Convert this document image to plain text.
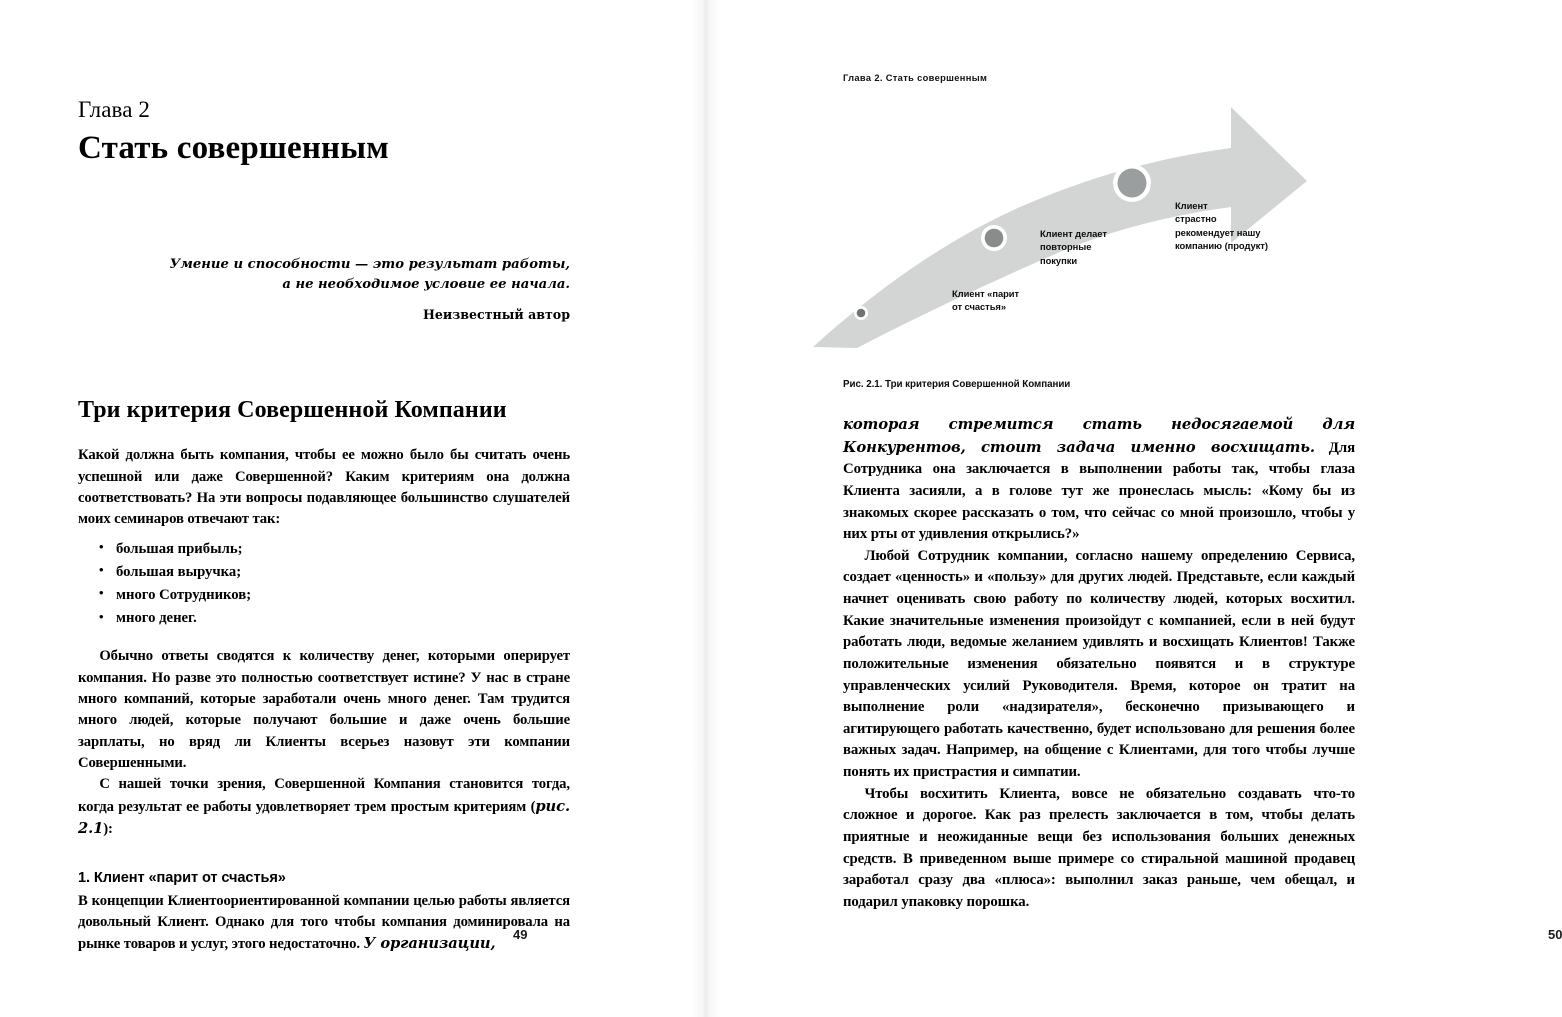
Глава 2
Стать совершенным
Умение и способности — это результат работы,
а не необходимое условие ее начала.
Неизвестный автор
Три критерия Совершенной Компании

Какой должна быть компания, чтобы ее можно было бы считать очень успешной или даже Совершенной? Каким критериям она должна соответствовать? На эти вопросы подавляющее большинство слушателей моих семинаров отвечают так:

• большая прибыль;
• большая выручка;
• много Сотрудников;
• много денег.

Обычно ответы сводятся к количеству денег, которыми оперирует компания. Но разве это полностью соответствует истине? У нас в стране много компаний, которые заработали очень много денег. Там трудится много людей, которые получают большие и даже очень большие зарплаты, но вряд ли Клиенты всерьез назовут эти компании Совершенными.

С нашей точки зрения, Совершенной Компания становится тогда, когда результат ее работы удовлетворяет трем простым критериям (рис. 2.1):

1. Клиент «парит от счастья»

В концепции Клиентоориентированной компании целью работы является довольный Клиент. Однако для того чтобы компания доминировала на рынке товаров и услуг, этого недостаточно. У организации,

49
Глава 2. Стать совершенным
Клиент «парит
от счастья»
Клиент делает
повторные
покупки
Клиент
страстно
рекомендует нашу
компанию (продукт)
Рис. 2.1. Три критерия Совершенной Компании

которая стремится стать недосягаемой для Конкурентов, стоит задача именно восхищать. Для Сотрудника она заключается в выполнении работы так, чтобы глаза Клиента засияли, а в голове тут же пронеслась мысль: «Кому бы из знакомых скорее рассказать о том, что сейчас со мной произошло, чтобы у них рты от удивления открылись?»

Любой Сотрудник компании, согласно нашему определению Сервиса, создает «ценность» и «пользу» для других людей. Представьте, если каждый начнет оценивать свою работу по количеству людей, которых восхитил. Какие значительные изменения произойдут с компанией, если в ней будут работать люди, ведомые желанием удивлять и восхищать Клиентов! Также положительные изменения обязательно появятся и в структуре управленческих усилий Руководителя. Время, которое он тратит на выполнение роли «надзирателя», бесконечно призывающего и агитирующего работать качественно, будет использовано для решения более важных задач. Например, на общение с Клиентами, для того чтобы лучше понять их пристрастия и симпатии.

Чтобы восхитить Клиента, вовсе не обязательно создавать что-то сложное и дорогое. Как раз прелесть заключается в том, чтобы делать приятные и неожиданные вещи без использования больших денежных средств. В приведенном выше примере со стиральной машиной продавец заработал сразу два «плюса»: выполнил заказ раньше, чем обещал, и подарил упаковку порошка.

50
